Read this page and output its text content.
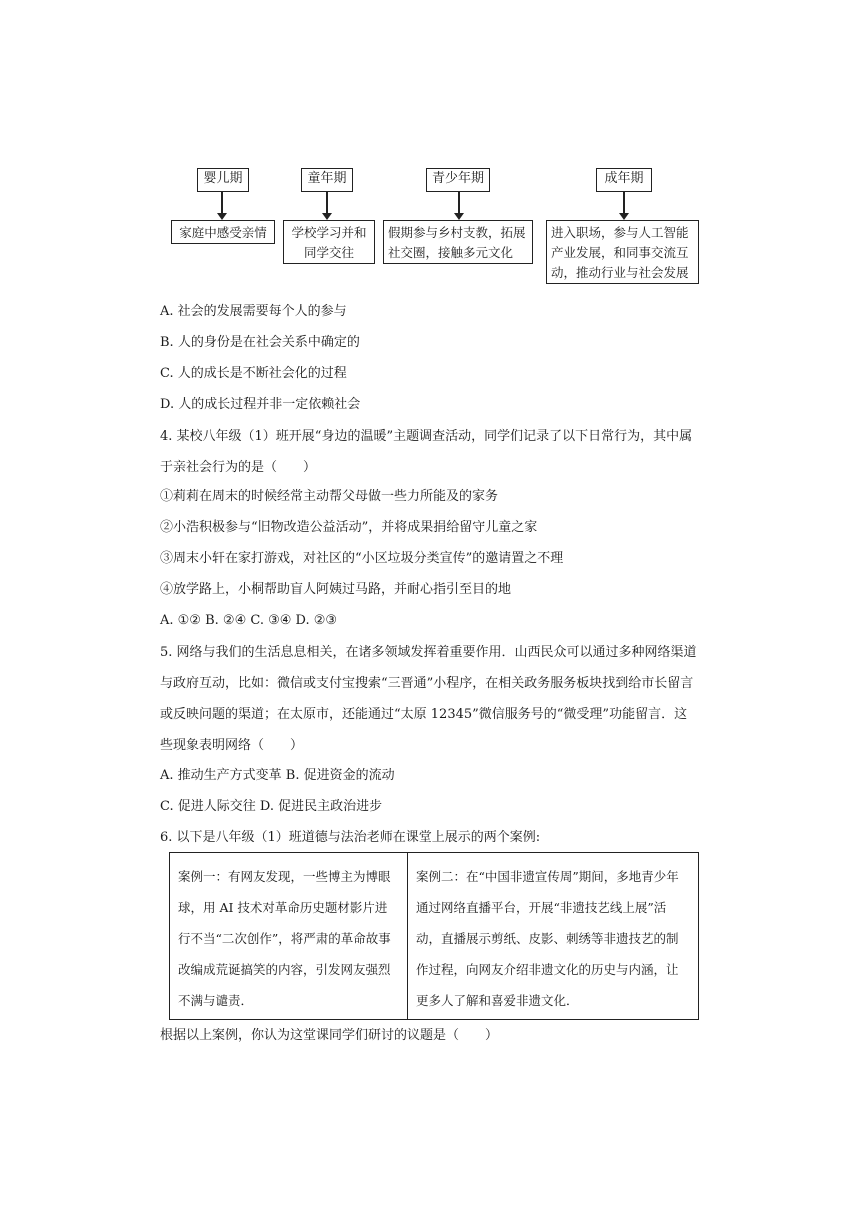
婴儿期
家庭中感受亲情
童年期
学校学习并和同学交往
青少年期
假期参与乡村支教，拓展社交圈，接触多元文化
成年期
进入职场，参与人工智能产业发展，和同事交流互动，推动行业与社会发展
A. 社会的发展需要每个人的参与
B. 人的身份是在社会关系中确定的
C. 人的成长是不断社会化的过程
D. 人的成长过程并非一定依赖社会
4. 某校八年级（1）班开展“身边的温暖”主题调查活动，同学们记录了以下日常行为，其中属于亲社会行为的是（　　）
①莉莉在周末的时候经常主动帮父母做一些力所能及的家务
②小浩积极参与“旧物改造公益活动”，并将成果捐给留守儿童之家
③周末小轩在家打游戏，对社区的“小区垃圾分类宣传”的邀请置之不理
④放学路上，小桐帮助盲人阿姨过马路，并耐心指引至目的地
A. ①② B. ②④ C. ③④ D. ②③
5. 网络与我们的生活息息相关，在诸多领域发挥着重要作用．山西民众可以通过多种网络渠道与政府互动，比如：微信或支付宝搜索“三晋通”小程序，在相关政务服务板块找到给市长留言或反映问题的渠道；在太原市，还能通过“太原 12345”微信服务号的“微受理”功能留言．这些现象表明网络（　　）
A. 推动生产方式变革 B. 促进资金的流动
C. 促进人际交往 D. 促进民主政治进步
6. 以下是八年级（1）班道德与法治老师在课堂上展示的两个案例:
案例一：有网友发现，一些博主为博眼球，用 AI 技术对革命历史题材影片进行不当“二次创作”，将严肃的革命故事改编成荒诞搞笑的内容，引发网友强烈不满与谴责．
案例二：在“中国非遗宣传周”期间，多地青少年通过网络直播平台，开展“非遗技艺线上展”活动，直播展示剪纸、皮影、刺绣等非遗技艺的制作过程，向网友介绍非遗文化的历史与内涵，让更多人了解和喜爱非遗文化．
根据以上案例，你认为这堂课同学们研讨的议题是（　　）
